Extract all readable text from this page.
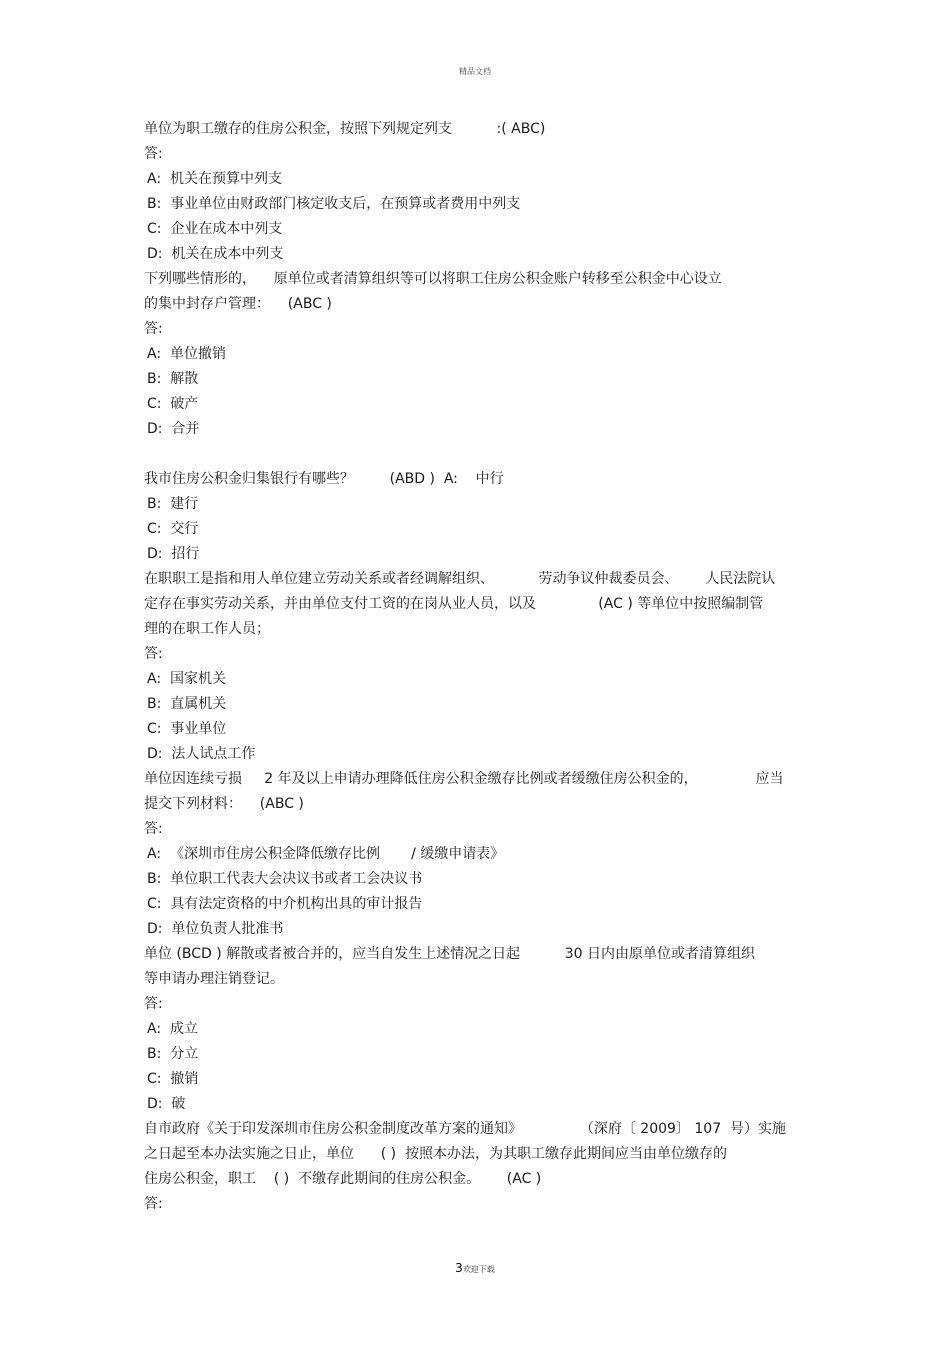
精品文档
单位为职工缴存的住房公积金，按照下列规定列支          :( ABC)
答:
A:  机关在预算中列支
B:  事业单位由财政部门核定收支后，在预算或者费用中列支
C:  企业在成本中列支
D:  机关在成本中列支
下列哪些情形的，    原单位或者清算组织等可以将职工住房公积金账户转移至公积金中心设立
的集中封存户管理：    (ABC )
答:
A:  单位撤销
B:  解散
C:  破产
D:  合并
我市住房公积金归集银行有哪些？        (ABD )  A:    中行
B:  建行
C:  交行
D:  招行
在职职工是指和用人单位建立劳动关系或者经调解组织、          劳动争议仲裁委员会、      人民法院认
定存在事实劳动关系，并由单位支付工资的在岗从业人员，以及              (AC ) 等单位中按照编制管
理的在职工作人员；
答:
A:  国家机关
B:  直属机关
C:  事业单位
D:  法人试点工作
单位因连续亏损     2 年及以上申请办理降低住房公积金缴存比例或者缓缴住房公积金的，             应当
提交下列材料：    (ABC )
答:
A:  《深圳市住房公积金降低缴存比例       / 缓缴申请表》
B:  单位职工代表大会决议书或者工会决议书
C:  具有法定资格的中介机构出具的审计报告
D:  单位负责人批准书
单位 (BCD ) 解散或者被合并的，应当自发生上述情况之日起          30 日内由原单位或者清算组织
等申请办理注销登记。
答:
A:  成立
B:  分立
C:  撤销
D:  破
自市政府《关于印发深圳市住房公积金制度改革方案的通知》             （深府〔 2009〕 107  号）实施
之日起至本办法实施之日止，单位      ( )  按照本办法，为其职工缴存此期间应当由单位缴存的
住房公积金，职工    ( )  不缴存此期间的住房公积金。      (AC )
答:
3欢迎下载
